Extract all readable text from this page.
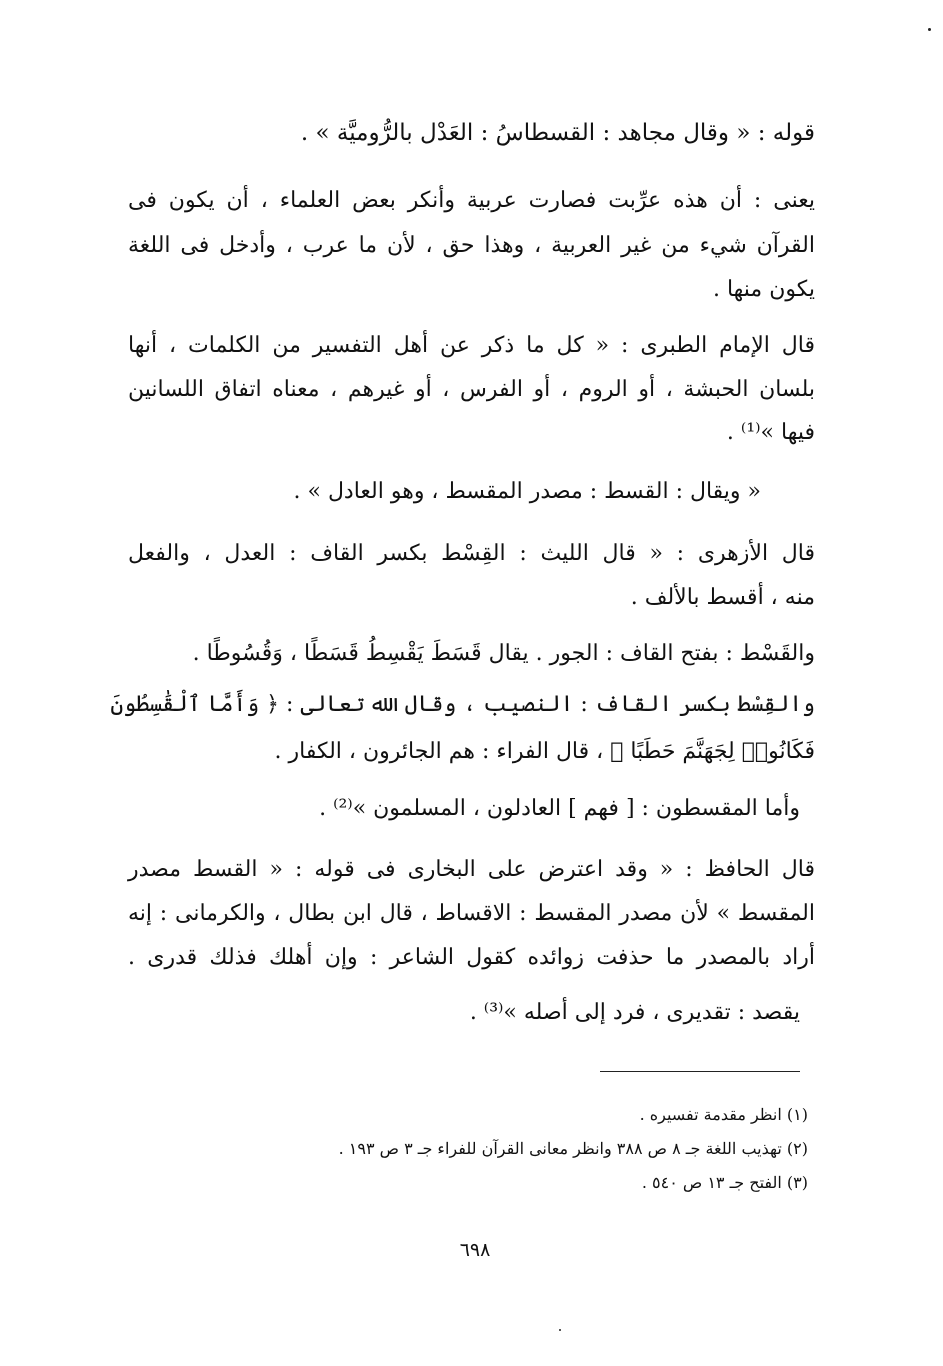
قوله : « وقال مجاهد : القسطاسُ : العَدْل بالرُّوميَّة » .

يعنى : أن هذه عرِّبت فصارت عربية وأنكر بعض العلماء ، أن يكون فى

القرآن شيء من غير العربية ، وهذا حق ، لأن ما عرب ، وأدخل فى اللغة

يكون منها .

قال الإمام الطبرى : « كل ما ذكر عن أهل التفسير من الكلمات ، أنها

بلسان الحبشة ، أو الروم ، أو الفرس ، أو غيرهم ، معناه اتفاق اللسانين

فيها »⁽¹⁾ .

« ويقال : القسط : مصدر المقسط ، وهو العادل » .

قال الأزهرى : « قال الليث : القِسْط بكسر القاف : العدل ، والفعل

منه ، أقسط بالألف .

والقَسْط : بفتح القاف : الجور . يقال قَسَطَ يَقْسِطُ قَسَطًا ، وَقُسُوطًا .

والقِسْط بكسر القاف : النصيب ، وقال الله تعالى : ﴿ وَأَمَّا ٱلْقَٰسِطُونَ

فَكَانُوا۟ لِجَهَنَّمَ حَطَبًا ﴾ ، قال الفراء : هم الجائرون ، الكفار .

وأما المقسطون : [ فهم ] العادلون ، المسلمون »⁽²⁾ .

قال الحافظ : « وقد اعترض على البخارى فى قوله : « القسط مصدر

المقسط » لأن مصدر المقسط : الاقساط ، قال ابن بطال ، والكرمانى : إنه

أراد بالمصدر ما حذفت زوائده كقول الشاعر : وإن أهلك فذلك قدرى .

يقصد : تقديرى ، فرد إلى أصله »⁽³⁾ .

(١) انظر مقدمة تفسيره .

(٢) تهذيب اللغة جـ ٨ ص ٣٨٨ وانظر معانى القرآن للفراء جـ ٣ ص ١٩٣ .

(٣) الفتح جـ ١٣ ص ٥٤٠ .

٦٩٨
